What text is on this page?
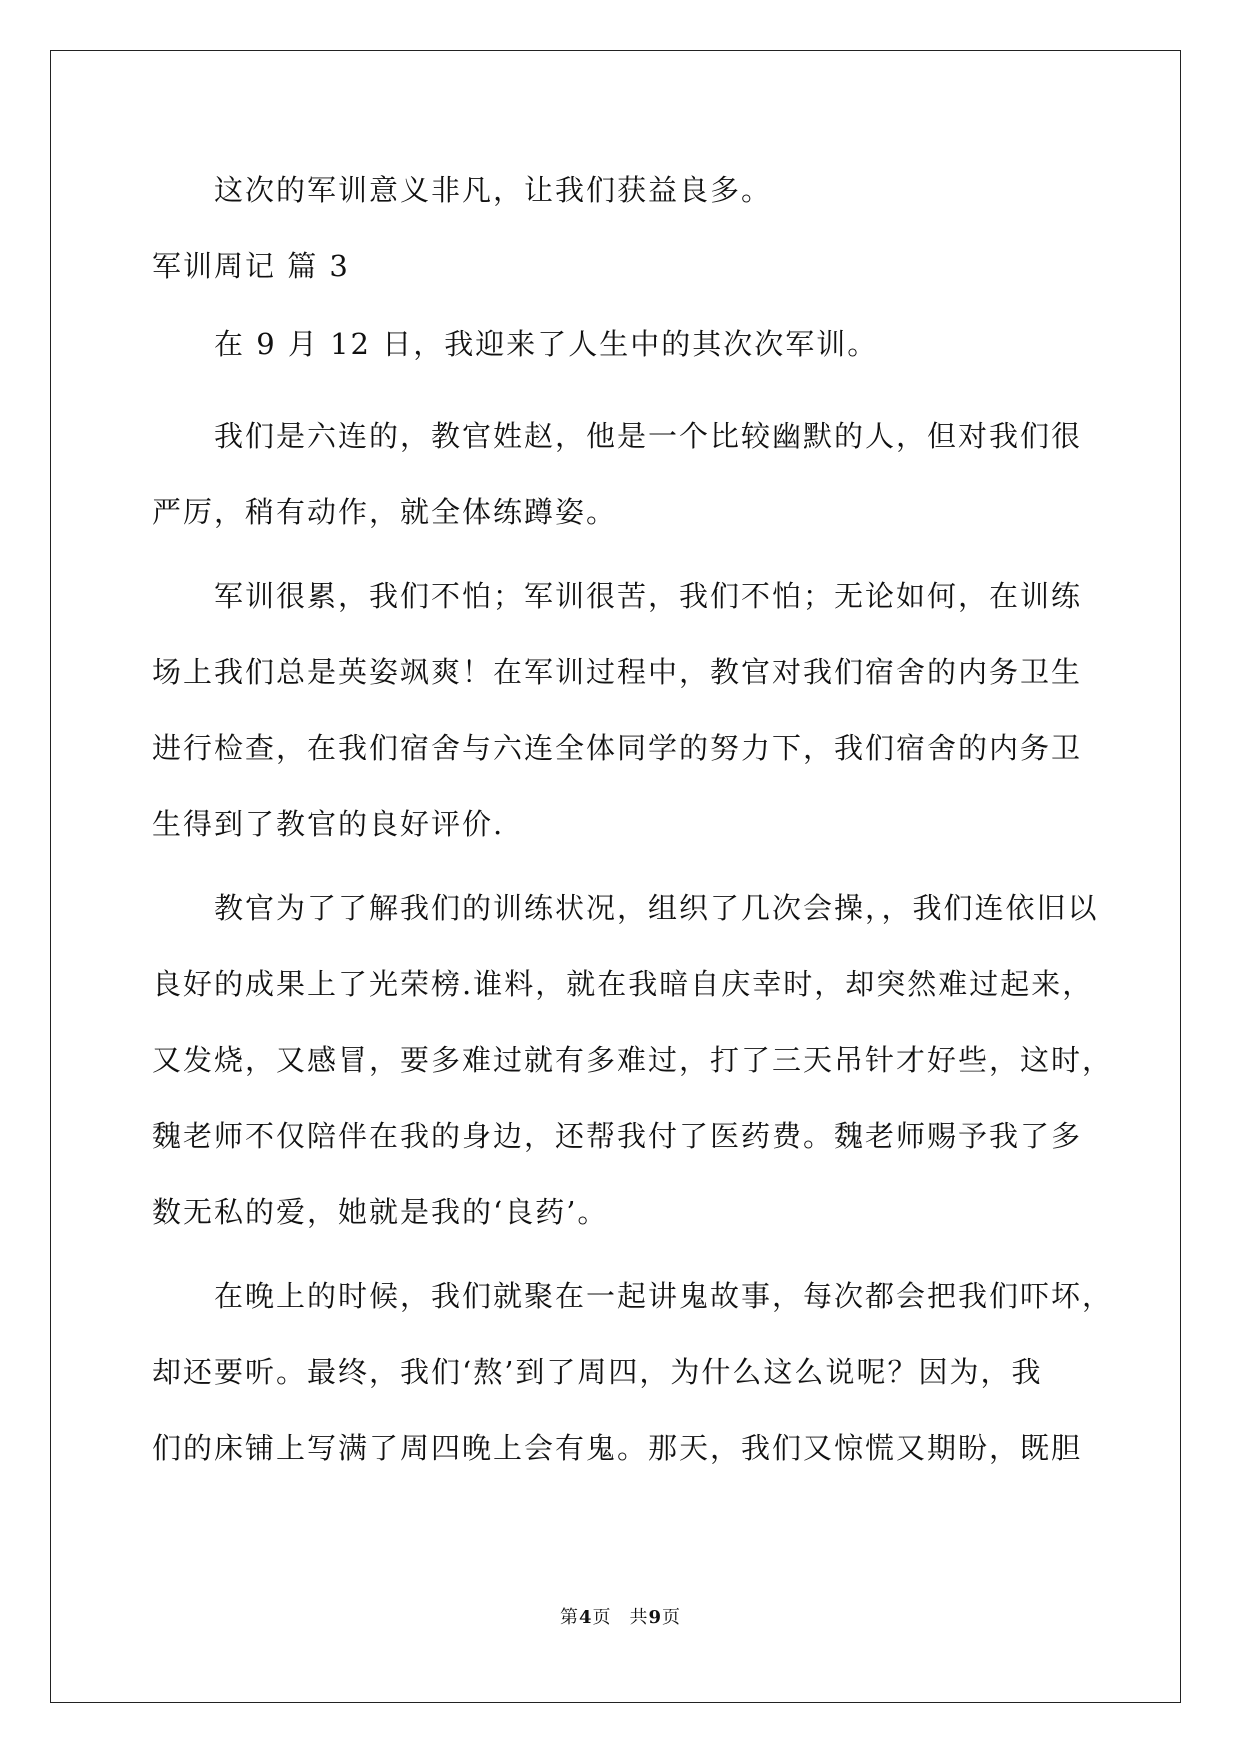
这次的军训意义非凡，让我们获益良多。
军训周记 篇 3
在 9 月 12 日，我迎来了人生中的其次次军训。
我们是六连的，教官姓赵，他是一个比较幽默的人，但对我们很
严厉，稍有动作，就全体练蹲姿。
军训很累，我们不怕；军训很苦，我们不怕；无论如何，在训练
场上我们总是英姿飒爽！在军训过程中，教官对我们宿舍的内务卫生
进行检查，在我们宿舍与六连全体同学的努力下，我们宿舍的内务卫
生得到了教官的良好评价.
教官为了了解我们的训练状况，组织了几次会操，，我们连依旧以
良好的成果上了光荣榜.谁料，就在我暗自庆幸时，却突然难过起来，
又发烧，又感冒，要多难过就有多难过，打了三天吊针才好些，这时，
魏老师不仅陪伴在我的身边，还帮我付了医药费。魏老师赐予我了多
数无私的爱，她就是我的‘良药’。
在晚上的时候，我们就聚在一起讲鬼故事，每次都会把我们吓坏，
却还要听。最终，我们‘熬’到了周四，为什么这么说呢？因为，我
们的床铺上写满了周四晚上会有鬼。那天，我们又惊慌又期盼，既胆
第4页 共9页
